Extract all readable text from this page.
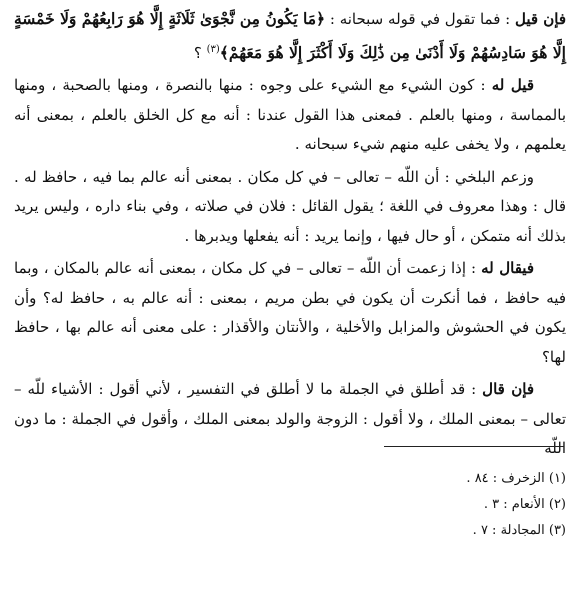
فإن قيل : فما تقول في قوله سبحانه : ﴿مَا يَكُونُ مِن نَّجْوَىٰ ثَلَاثَةٍ إِلَّا هُوَ رَابِعُهُمْ وَلَا خَمْسَةٍ إِلَّا هُوَ سَادِسُهُمْ وَلَا أَدْنَىٰ مِن ذَٰلِكَ وَلَا أَكْثَرَ إِلَّا هُوَ مَعَهُمْ﴾$^{(٣)}$ ؟

قيل له : كون الشيء مع الشيء على وجوه : منها بالنصرة ، ومنها بالصحبة ، ومنها بالمماسة ، ومنها بالعلم . فمعنى هذا القول عندنا : أنه مع كل الخلق بالعلم ، بمعنى أنه يعلمهم ، ولا يخفى عليه منهم شيء سبحانه .

وزعم البلخي : أن اللّه – تعالى – في كل مكان . بمعنى أنه عالم بما فيه ، حافظ له . قال : وهذا معروف في اللغة ؛ يقول القائل : فلان في صلاته ، وفي بناء داره ، وليس يريد بذلك أنه متمكن ، أو حال فيها ، وإنما يريد : أنه يفعلها ويدبرها .

فيقال له : إذا زعمت أن اللّه – تعالى – في كل مكان ، بمعنى أنه عالم بالمكان ، وبما فيه حافظ ، فما أنكرت أن يكون في بطن مريم ، بمعنى : أنه عالم به ، حافظ له؟ وأن يكون في الحشوش والمزابل والأخلية ، والأنتان والأقذار : على معنى أنه عالم بها ، حافظ لها؟

فإن قال : قد أطلق في الجملة ما لا أطلق في التفسير ، لأني أقول : الأشياء للّه – تعالى – بمعنى الملك ، ولا أقول : الزوجة والولد بمعنى الملك ، وأقول في الجملة : ما دون اللّه

(١) الزخرف : ٨٤ .
(٢) الأنعام : ٣ .
(٣) المجادلة : ٧ .
